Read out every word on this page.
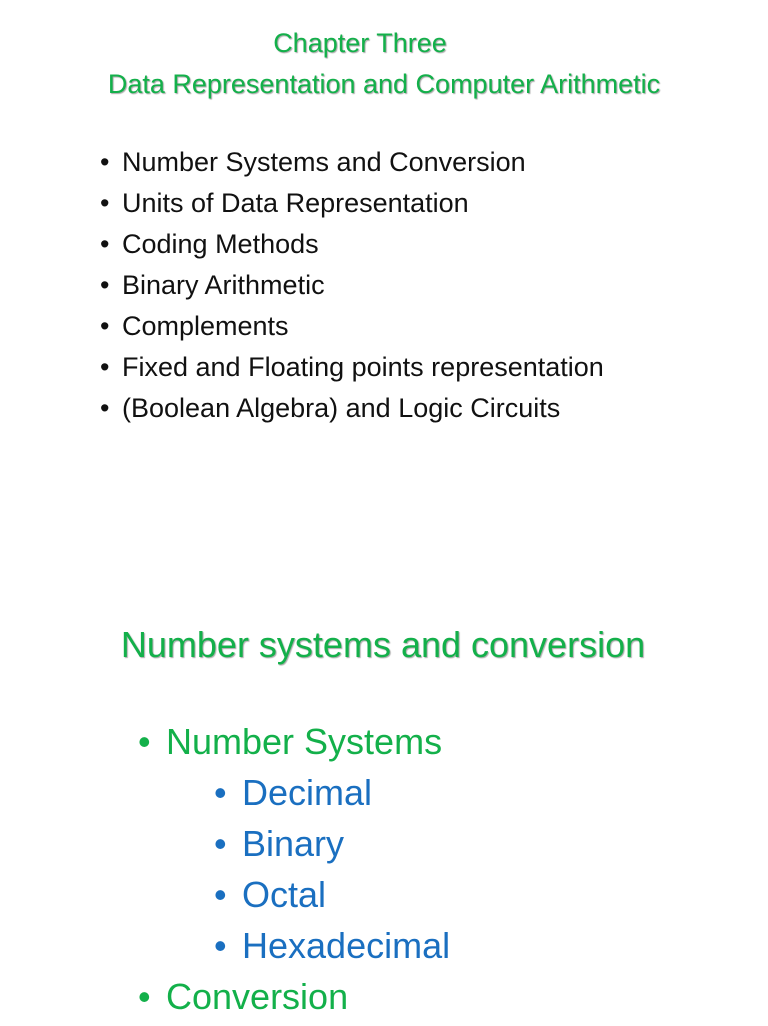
Chapter Three
Data Representation and Computer Arithmetic
• Number Systems and Conversion
• Units of Data Representation
• Coding Methods
• Binary Arithmetic
• Complements
• Fixed and Floating points representation
• (Boolean Algebra) and Logic Circuits
Number systems and conversion
• Number Systems
• Decimal
• Binary
• Octal
• Hexadecimal
• Conversion
